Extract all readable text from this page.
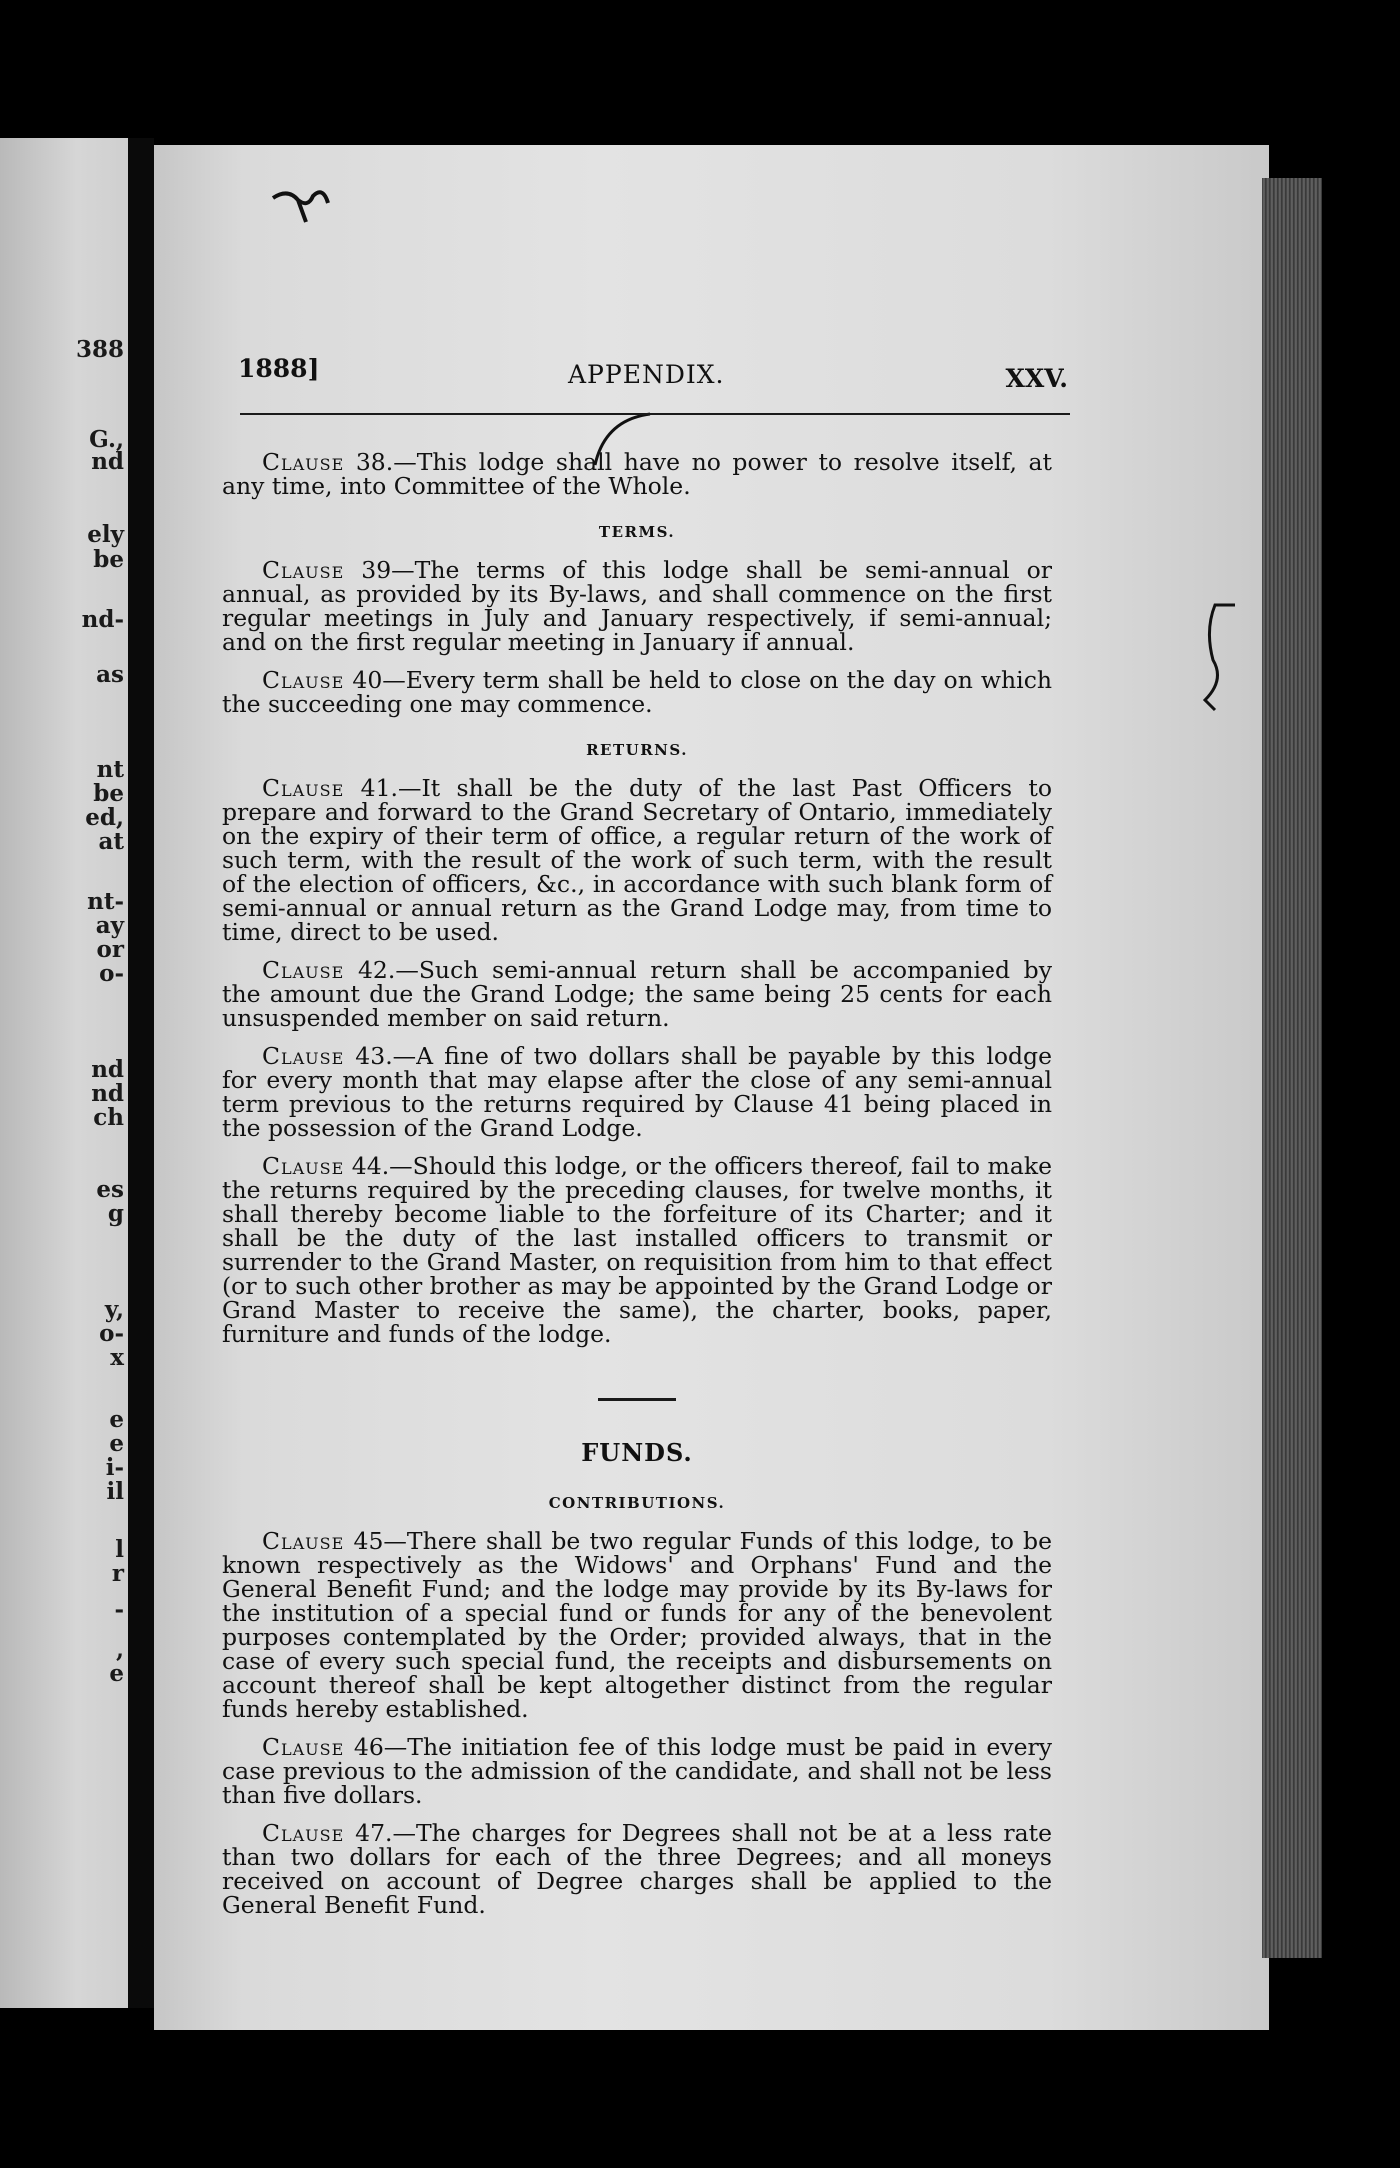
388
G.,
nd
ely
be
nd-
as
nt
be
ed,
at
nt-
ay
or
o-
nd
nd
ch
es
g
y,
o-
x
e
e
i-
il
l
r
-
,
e
1888]	APPENDIX.	XXV.

Clause 38.—This lodge shall have no power to resolve itself, at any time, into Committee of the Whole.

TERMS.

Clause 39—The terms of this lodge shall be semi-annual or annual, as provided by its By-laws, and shall commence on the first regular meetings in July and January respectively, if semi-annual; and on the first regular meeting in January if annual.

Clause 40—Every term shall be held to close on the day on which the succeeding one may commence.

RETURNS.

Clause 41.—It shall be the duty of the last Past Officers to prepare and forward to the Grand Secretary of Ontario, immediately on the expiry of their term of office, a regular return of the work of such term, with the result of the work of such term, with the result of the election of officers, &c., in accordance with such blank form of semi-annual or annual return as the Grand Lodge may, from time to time, direct to be used.

Clause 42.—Such semi-annual return shall be accompanied by the amount due the Grand Lodge; the same being 25 cents for each unsuspended member on said return.

Clause 43.—A fine of two dollars shall be payable by this lodge for every month that may elapse after the close of any semi-annual term previous to the returns required by Clause 41 being placed in the possession of the Grand Lodge.

Clause 44.—Should this lodge, or the officers thereof, fail to make the returns required by the preceding clauses, for twelve months, it shall thereby become liable to the forfeiture of its Charter; and it shall be the duty of the last installed officers to transmit or surrender to the Grand Master, on requisition from him to that effect (or to such other brother as may be appointed by the Grand Lodge or Grand Master to receive the same), the charter, books, paper, furniture and funds of the lodge.

FUNDS.
CONTRIBUTIONS.

Clause 45—There shall be two regular Funds of this lodge, to be known respectively as the Widows' and Orphans' Fund and the General Benefit Fund; and the lodge may provide by its By-laws for the institution of a special fund or funds for any of the benevolent purposes contemplated by the Order; provided always, that in the case of every such special fund, the receipts and disbursements on account thereof shall be kept altogether distinct from the regular funds hereby established.

Clause 46—The initiation fee of this lodge must be paid in every case previous to the admission of the candidate, and shall not be less than five dollars.

Clause 47.—The charges for Degrees shall not be at a less rate than two dollars for each of the three Degrees; and all moneys received on account of Degree charges shall be applied to the General Benefit Fund.
